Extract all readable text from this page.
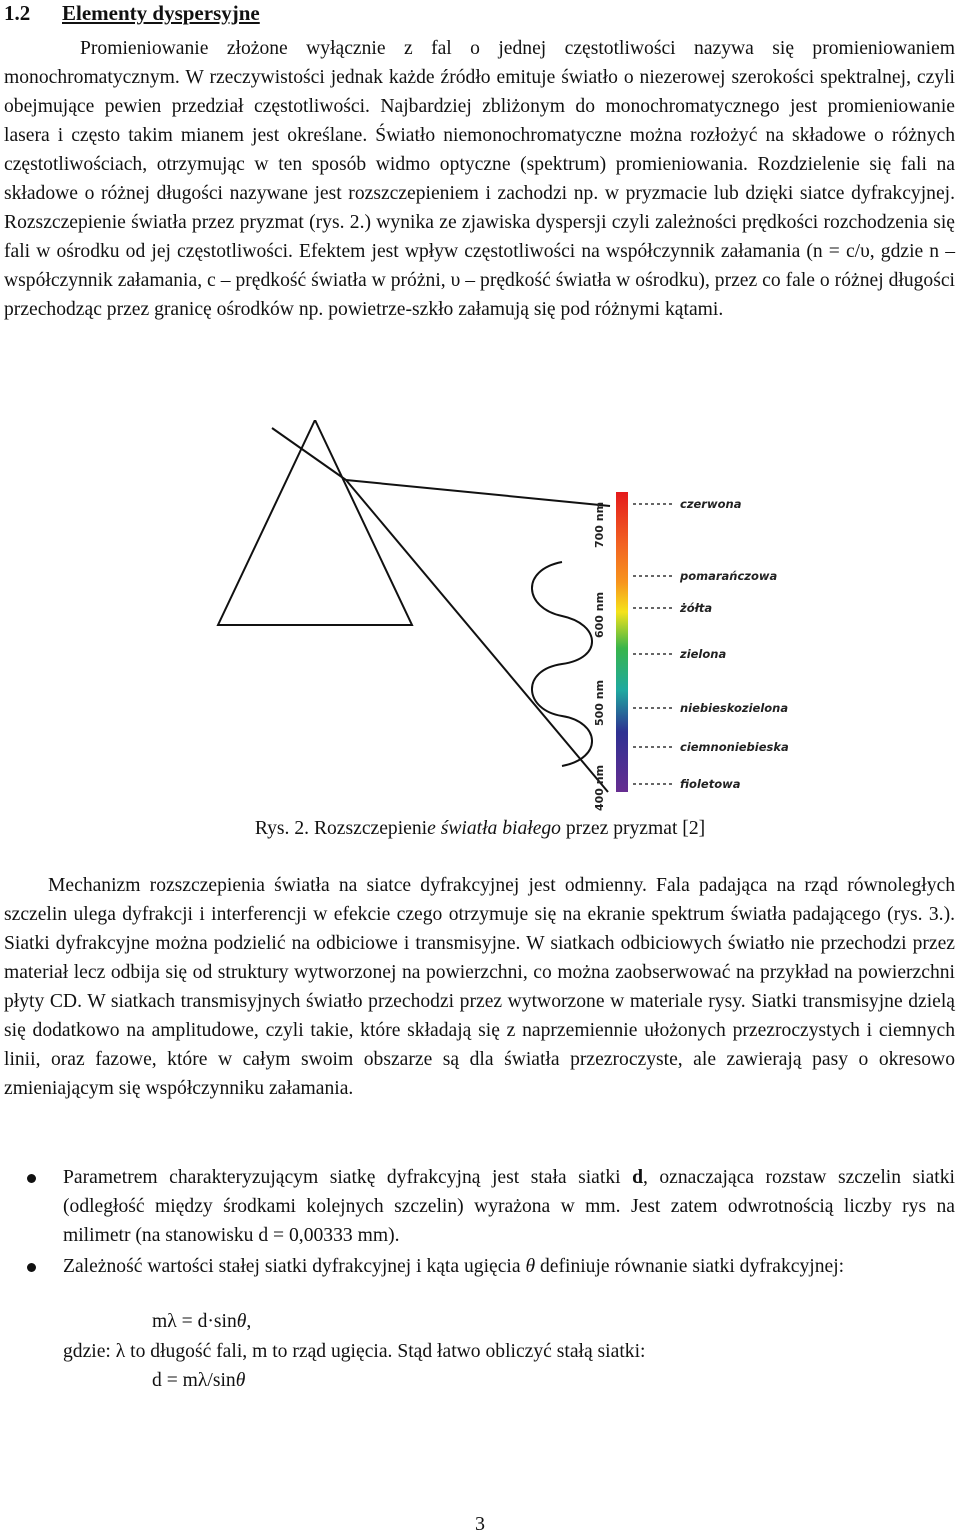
1.2 Elementy dyspersyjne

Promieniowanie złożone wyłącznie z fal o jednej częstotliwości nazywa się promieniowaniem monochromatycznym. W rzeczywistości jednak każde źródło emituje światło o niezerowej szerokości spektralnej, czyli obejmujące pewien przedział częstotliwości. Najbardziej zbliżonym do monochromatycznego jest promieniowanie lasera i często takim mianem jest określane. Światło niemonochromatyczne można rozłożyć na składowe o różnych częstotliwościach, otrzymując w ten sposób widmo optyczne (spektrum) promieniowania. Rozdzielenie się fali na składowe o różnej długości nazywane jest rozszczepieniem i zachodzi np. w pryzmacie lub dzięki siatce dyfrakcyjnej. Rozszczepienie światła przez pryzmat (rys. 2.) wynika ze zjawiska dyspersji czyli zależności prędkości rozchodzenia się fali w ośrodku od jej częstotliwości. Efektem jest wpływ częstotliwości na współczynnik załamania (n = c/υ, gdzie n – współczynnik załamania, c – prędkość światła w próżni, υ – prędkość światła w ośrodku), przez co fale o różnej długości przechodząc przez granicę ośrodków np. powietrze-szkło załamują się pod różnymi kątami.

700 nm
600 nm
500 nm
400 nm
czerwona
pomarańczowa
żółta
zielona
niebieskozielona
ciemnoniebieska
fioletowa
Rys. 2. Rozszczepienie światła białego przez pryzmat [2]

Mechanizm rozszczepienia światła na siatce dyfrakcyjnej jest odmienny. Fala padająca na rząd równoległych szczelin ulega dyfrakcji i interferencji w efekcie czego otrzymuje się na ekranie spektrum światła padającego (rys. 3.). Siatki dyfrakcyjne można podzielić na odbiciowe i transmisyjne. W siatkach odbiciowych światło nie przechodzi przez materiał lecz odbija się od struktury wytworzonej na powierzchni, co można zaobserwować na przykład na powierzchni płyty CD. W siatkach transmisyjnych światło przechodzi przez wytworzone w materiale rysy. Siatki transmisyjne dzielą się dodatkowo na amplitudowe, czyli takie, które składają się z naprzemiennie ułożonych przezroczystych i ciemnych linii, oraz fazowe, które w całym swoim obszarze są dla światła przezroczyste, ale zawierają pasy o okresowo zmieniającym się współczynniku załamania.

Parametrem charakteryzującym siatkę dyfrakcyjną jest stała siatki d, oznaczająca rozstaw szczelin siatki (odległość między środkami kolejnych szczelin) wyrażona w mm. Jest zatem odwrotnością liczby rys na milimetr (na stanowisku d = 0,00333 mm).
Zależność wartości stałej siatki dyfrakcyjnej i kąta ugięcia θ definiuje równanie siatki dyfrakcyjnej:
mλ = d·sinθ,
gdzie: λ to długość fali, m to rząd ugięcia. Stąd łatwo obliczyć stałą siatki:
d = mλ/sinθ
3
